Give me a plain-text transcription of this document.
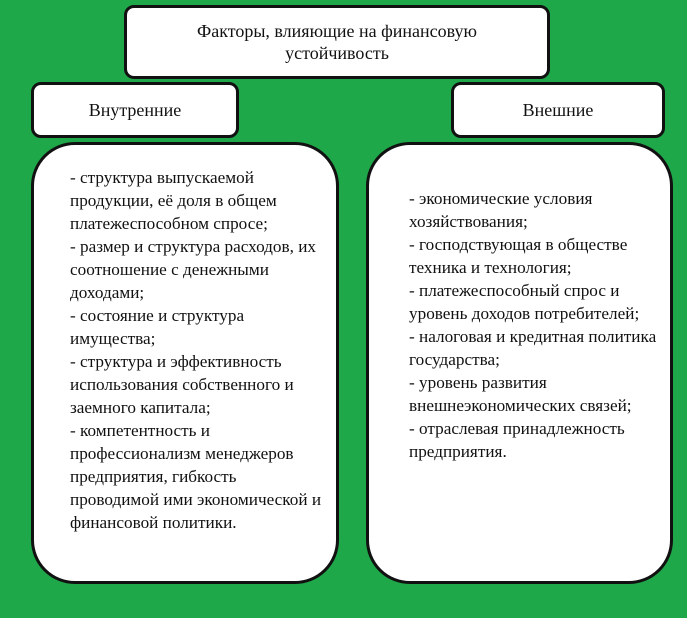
Факторы, влияющие на финансовую
устойчивость
Внутренние	Внешние
- структура выпускаемой продукции, её доля в общем платежеспособном спросе;
- размер и структура расходов, их соотношение с денежными доходами;
- состояние и структура имущества;
- структура и эффективность использования собственного и заемного капитала;
- компетентность и профессионализм менеджеров предприятия, гибкость проводимой ими экономической и финансовой политики.
- экономические условия хозяйствования;
- господствующая в обществе техника и технология;
- платежеспособный спрос и уровень доходов потребителей;
- налоговая и кредитная политика государства;
- уровень развития внешнеэкономических связей;
- отраслевая принадлежность предприятия.
